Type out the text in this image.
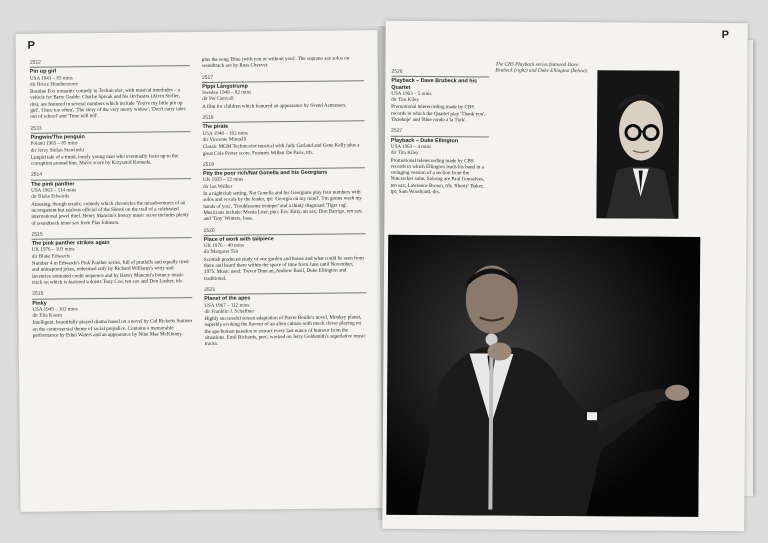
P
2512
Pin up girl
USA 1943 – 83 mins
dir Bruce Humberstone
Routine Fox romantic comedy in Technicolor, with musical interludes – a vehicle for Betty Grable. Charlie Spivak and his Orchestra (Alvin Stoller, drs), are featured in several numbers which include 'You're my little pin up girl', 'Once too often', 'The story of the very merry widow', 'Don't carry tales out of school' and 'Time will tell'.
2533
Pingwin/The penguin
Poland 1965 – 85 mins
dir Jerzy Stefan Stawinski
Limpid tale of a timid, lonely young man who eventually faces up to the corruption around him. Music score by Krzysztof Komeda.
2514
The pink panther
USA 1963 – 114 mins
dir Blake Edwards
Amusing, though erratic, comedy which chronicles the misadventures of an incompetent but zealous official of the Sûreté on the trail of a celebrated international jewel thief. Henry Mancini's breezy music score includes plenty of soundtrack tenor sax from Plas Johnson.
2515
The pink panther strikes again
UK 1976 – 103 mins
dir Blake Edwards
Number 4 in Edwards's Pink Panther series, full of pratfalls and equally tired and uninspired jokes, redeemed only by Richard Williams's witty and inventive animated credit sequence and by Henry Mancini's bouncy music track on which is featured soloists Tony Coe, ten sax and Don Lusher, trb.
2516
Pinky
USA 1949 – 102 mins
dir Elia Kazan
Intelligent, beautifully played drama based on a novel by Cid Ricketts Sumner on the controversial theme of racial prejudice. Contains a memorable performance by Ethel Waters and an appearance by Nina Mae McKinney.
plus the song 'Blue (with you or without you)'. The soprano sax solos on soundtrack are by Russ Cheever.
2517
Pippi Långstrump
Sweden 1949 – 82 mins
dir Per Gunvall
A film for children which featured an appearance by Svend Asmussen.
2518
The pirate
USA 1948 – 102 mins
dir Vincente Minnelli
Classic MGM Technicolor musical with Judy Garland and Gene Kelly plus a great Cole Porter score. Features Wilbur De Paris, trb.
2519
Pity the poor rich/Nat Gonella and his Georgians
UK 1935 – 22 mins
dir Ian Walker
In a nightclub setting, Nat Gonella and his Georgians play four numbers with solos and vocals by the leader, tpt: 'Georgia on my mind', 'I'm gonna wash my hands of you', 'Troublesome trumpet' and a thinly disguised 'Tiger rag'. Musicians include: Monia Liter, pno; Eric Kitty, alt sax; Don Barrigo, ten sax; and 'Tiny' Winters, bass.
2520
Place of work with tailpiece
UK 1976 – 40 mins
dir Margaret Tait
Scottish produced study of one garden and house and what could be seen from there and heard there within the space of time from June until November, 1975. Music used: Trevor Duncan, Andrew Basil, Duke Ellington and traditional.
2521
Planet of the apes
USA 1967 – 112 mins
dir Franklin J. Schaffner
Highly successful screen adaptation of Pierre Boulle's novel, Monkey planet, superbly evoking the flavour of an alien culture with much clever playing on the ape/human paradox to extract every last ounce of humour from the situations. Emil Richards, perc, worked on Jerry Goldsmith's superlative music tracks.
P
2526
Playback – Dave Brubeck and his Quartet
USA 1963 – 5 mins
dir Tim Kiley
Promotional telerecording made by CBS records in which the Quartet play 'Thank you', 'Dziekuje' and 'Blue rondo a la Turk'.
2527
Playback – Duke Ellington
USA 1963 – 4 mins
dir Tim Kiley
Promotional telerecording made by CBS records in which Ellington leads his band in a swinging version of a section from the Nutcracker suite. Soloing are Paul Gonsalves, ten sax; Lawrence Brown, trb; 'Shorty' Baker, tpt; Sam Woodyard, drs.
The CBS Playback series featured Dave Brubeck (right) and Duke Ellington (below).
